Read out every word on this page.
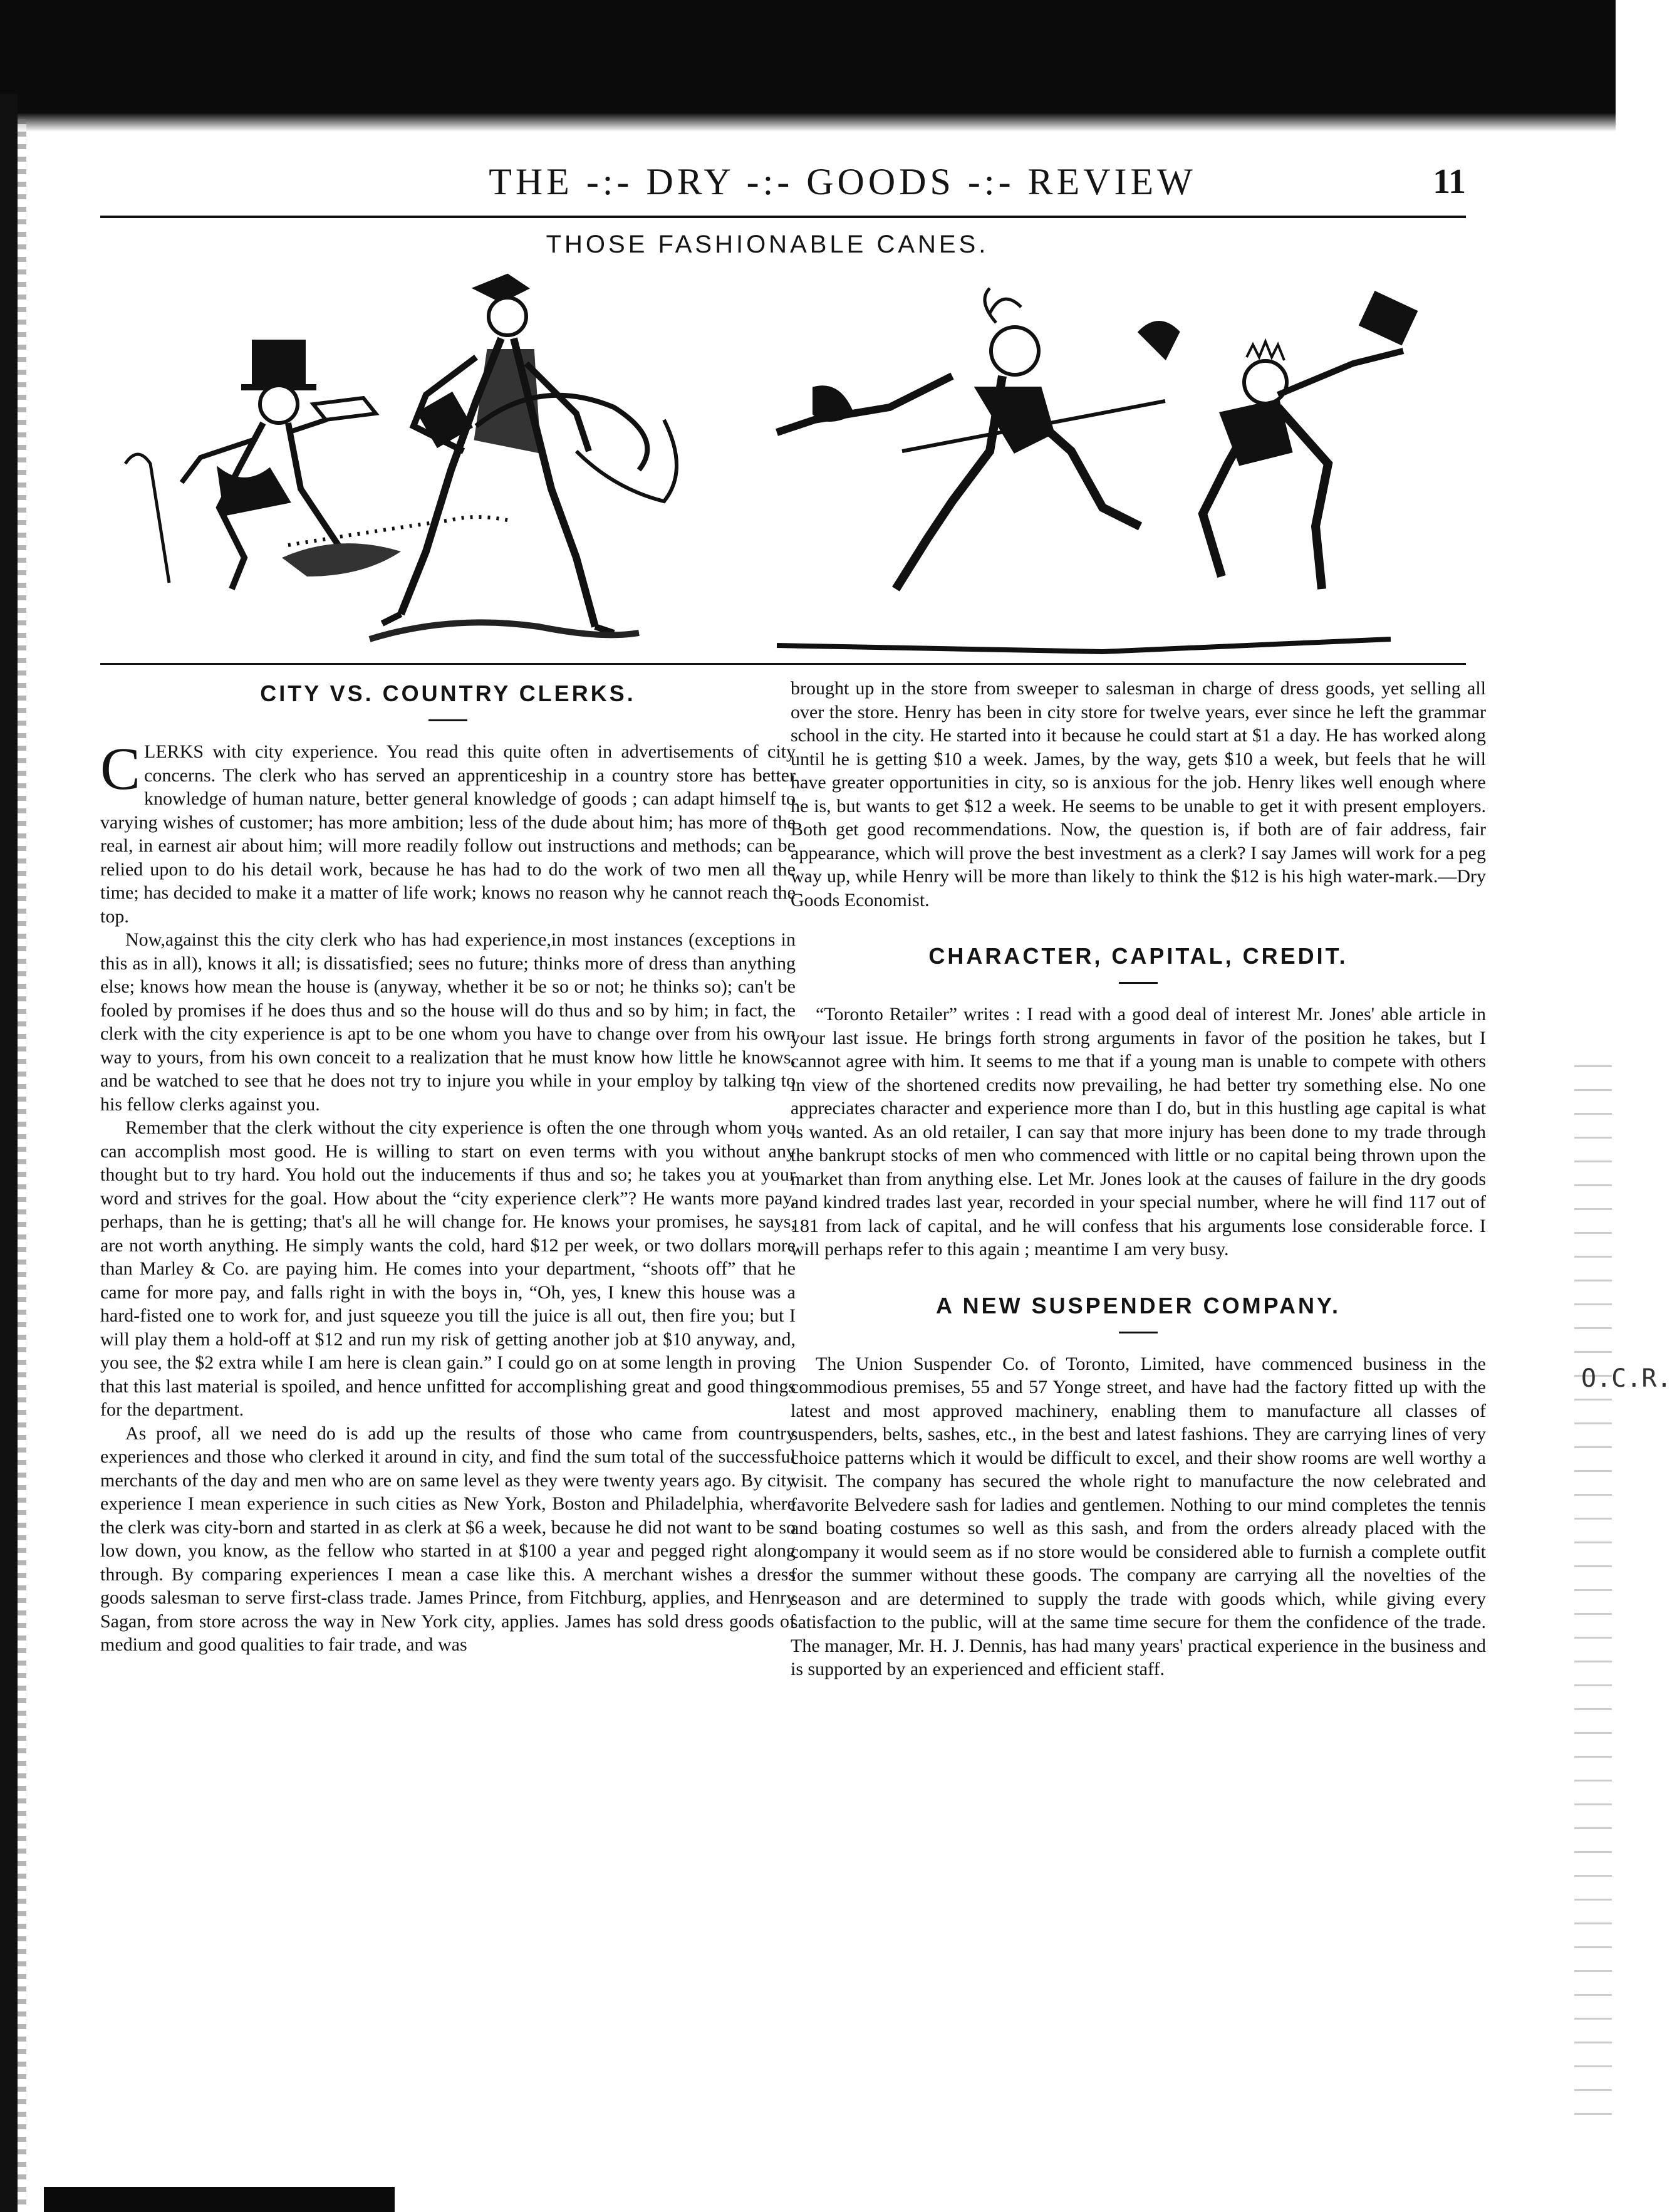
O.C.R.
THE -:- DRY -:- GOODS -:- REVIEW	11
THOSE FASHIONABLE CANES.
CITY VS. COUNTRY CLERKS.

CLERKS with city experience. You read this quite often in advertisements of city concerns. The clerk who has served an apprenticeship in a country store has better knowledge of human nature, better general knowledge of goods ; can adapt himself to varying wishes of customer; has more ambition; less of the dude about him; has more of the real, in earnest air about him; will more readily follow out instructions and methods; can be relied upon to do his detail work, because he has had to do the work of two men all the time; has decided to make it a matter of life work; knows no reason why he cannot reach the top.

Now,against this the city clerk who has had experience,in most instances (exceptions in this as in all), knows it all; is dissatisfied; sees no future; thinks more of dress than anything else; knows how mean the house is (anyway, whether it be so or not; he thinks so); can't be fooled by promises if he does thus and so the house will do thus and so by him; in fact, the clerk with the city experience is apt to be one whom you have to change over from his own way to yours, from his own conceit to a realization that he must know how little he knows, and be watched to see that he does not try to injure you while in your employ by talking to his fellow clerks against you.

Remember that the clerk without the city experience is often the one through whom you can accomplish most good. He is willing to start on even terms with you without any thought but to try hard. You hold out the inducements if thus and so; he takes you at your word and strives for the goal. How about the “city experience clerk”? He wants more pay, perhaps, than he is getting; that's all he will change for. He knows your promises, he says, are not worth anything. He simply wants the cold, hard $12 per week, or two dollars more than Marley & Co. are paying him. He comes into your department, “shoots off” that he came for more pay, and falls right in with the boys in, “Oh, yes, I knew this house was a hard-fisted one to work for, and just squeeze you till the juice is all out, then fire you; but I will play them a hold-off at $12 and run my risk of getting another job at $10 anyway, and, you see, the $2 extra while I am here is clean gain.” I could go on at some length in proving that this last material is spoiled, and hence unfitted for accomplishing great and good things for the department.

As proof, all we need do is add up the results of those who came from country experiences and those who clerked it around in city, and find the sum total of the successful merchants of the day and men who are on same level as they were twenty years ago. By city experience I mean experience in such cities as New York, Boston and Philadelphia, where the clerk was city-born and started in as clerk at $6 a week, because he did not want to be so low down, you know, as the fellow who started in at $100 a year and pegged right along through. By comparing experiences I mean a case like this. A merchant wishes a dress goods salesman to serve first-class trade. James Prince, from Fitchburg, applies, and Henry Sagan, from store across the way in New York city, applies. James has sold dress goods of medium and good qualities to fair trade, and was

brought up in the store from sweeper to salesman in charge of dress goods, yet selling all over the store. Henry has been in city store for twelve years, ever since he left the grammar school in the city. He started into it because he could start at $1 a day. He has worked along until he is getting $10 a week. James, by the way, gets $10 a week, but feels that he will have greater opportunities in city, so is anxious for the job. Henry likes well enough where he is, but wants to get $12 a week. He seems to be unable to get it with present employers. Both get good recommendations. Now, the question is, if both are of fair address, fair appearance, which will prove the best investment as a clerk? I say James will work for a peg way up, while Henry will be more than likely to think the $12 is his high water-mark.—Dry Goods Economist.

CHARACTER, CAPITAL, CREDIT.

“Toronto Retailer” writes : I read with a good deal of interest Mr. Jones' able article in your last issue. He brings forth strong arguments in favor of the position he takes, but I cannot agree with him. It seems to me that if a young man is unable to compete with others in view of the shortened credits now prevailing, he had better try something else. No one appreciates character and experience more than I do, but in this hustling age capital is what is wanted. As an old retailer, I can say that more injury has been done to my trade through the bankrupt stocks of men who commenced with little or no capital being thrown upon the market than from anything else. Let Mr. Jones look at the causes of failure in the dry goods and kindred trades last year, recorded in your special number, where he will find 117 out of 181 from lack of capital, and he will confess that his arguments lose considerable force. I will perhaps refer to this again ; meantime I am very busy.

A NEW SUSPENDER COMPANY.

The Union Suspender Co. of Toronto, Limited, have commenced business in the commodious premises, 55 and 57 Yonge street, and have had the factory fitted up with the latest and most approved machinery, enabling them to manufacture all classes of suspenders, belts, sashes, etc., in the best and latest fashions. They are carrying lines of very choice patterns which it would be difficult to excel, and their show rooms are well worthy a visit. The company has secured the whole right to manufacture the now celebrated and favorite Belvedere sash for ladies and gentlemen. Nothing to our mind completes the tennis and boating costumes so well as this sash, and from the orders already placed with the company it would seem as if no store would be considered able to furnish a complete outfit for the summer without these goods. The company are carrying all the novelties of the season and are determined to supply the trade with goods which, while giving every satisfaction to the public, will at the same time secure for them the confidence of the trade. The manager, Mr. H. J. Dennis, has had many years' practical experience in the business and is supported by an experienced and efficient staff.
